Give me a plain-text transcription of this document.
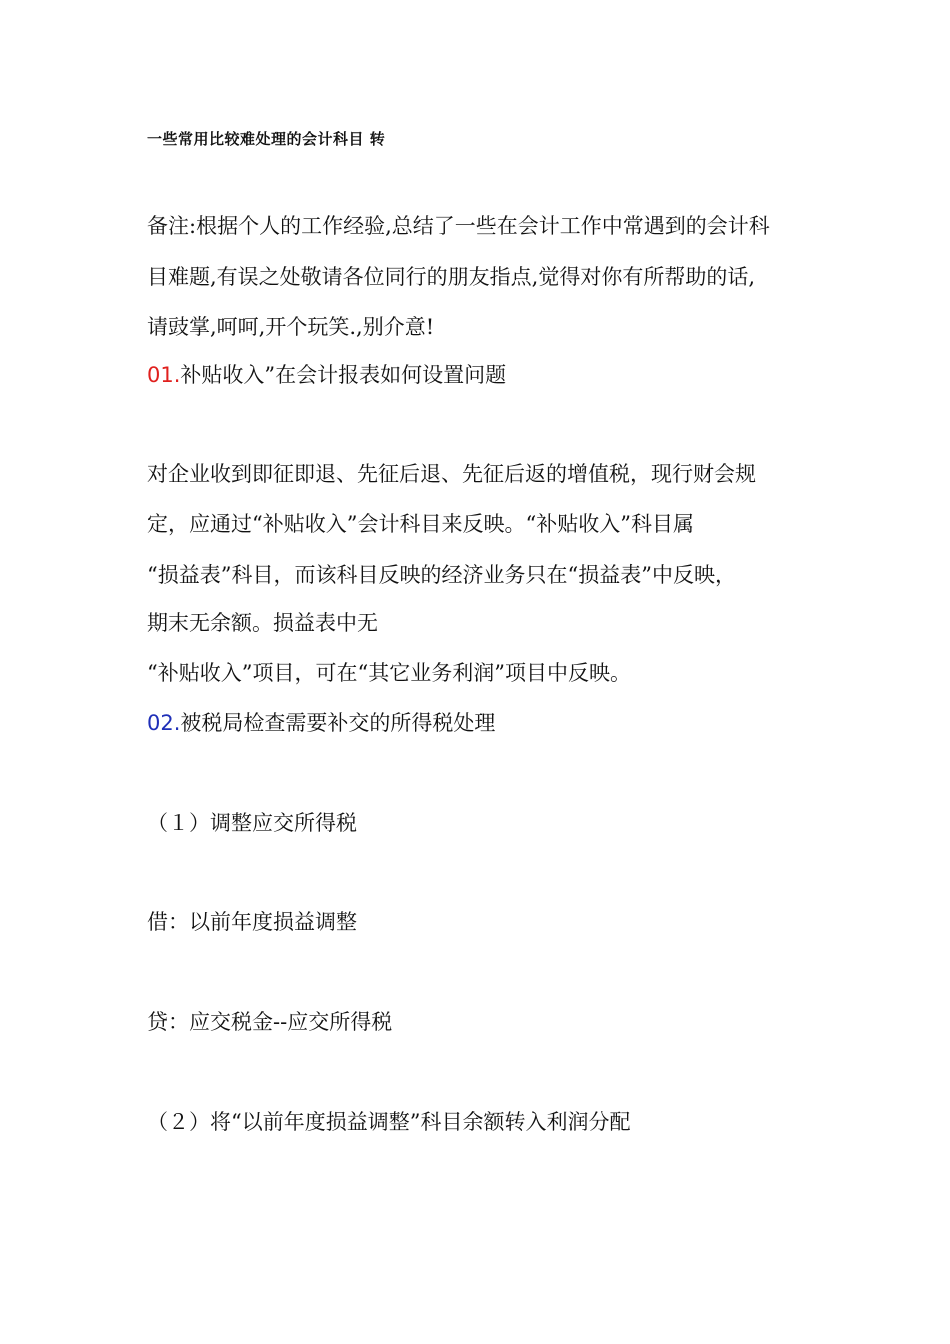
一些常用比较难处理的会计科目 转
备注:根据个人的工作经验,总结了一些在会计工作中常遇到的会计科
目难题,有误之处敬请各位同行的朋友指点,觉得对你有所帮助的话,
请豉掌,呵呵,开个玩笑.,别介意!
01.补贴收入”在会计报表如何设置问题
对企业收到即征即退、先征后退、先征后返的增值税，现行财会规
定，应通过“补贴收入”会计科目来反映。“补贴收入”科目属
“损益表”科目，而该科目反映的经济业务只在“损益表”中反映，
期末无余额。损益表中无
“补贴收入”项目，可在“其它业务利润”项目中反映。
02.被税局检查需要补交的所得税处理
（１）调整应交所得税
借：以前年度损益调整
贷：应交税金--应交所得税
（２）将“以前年度损益调整”科目余额转入利润分配
